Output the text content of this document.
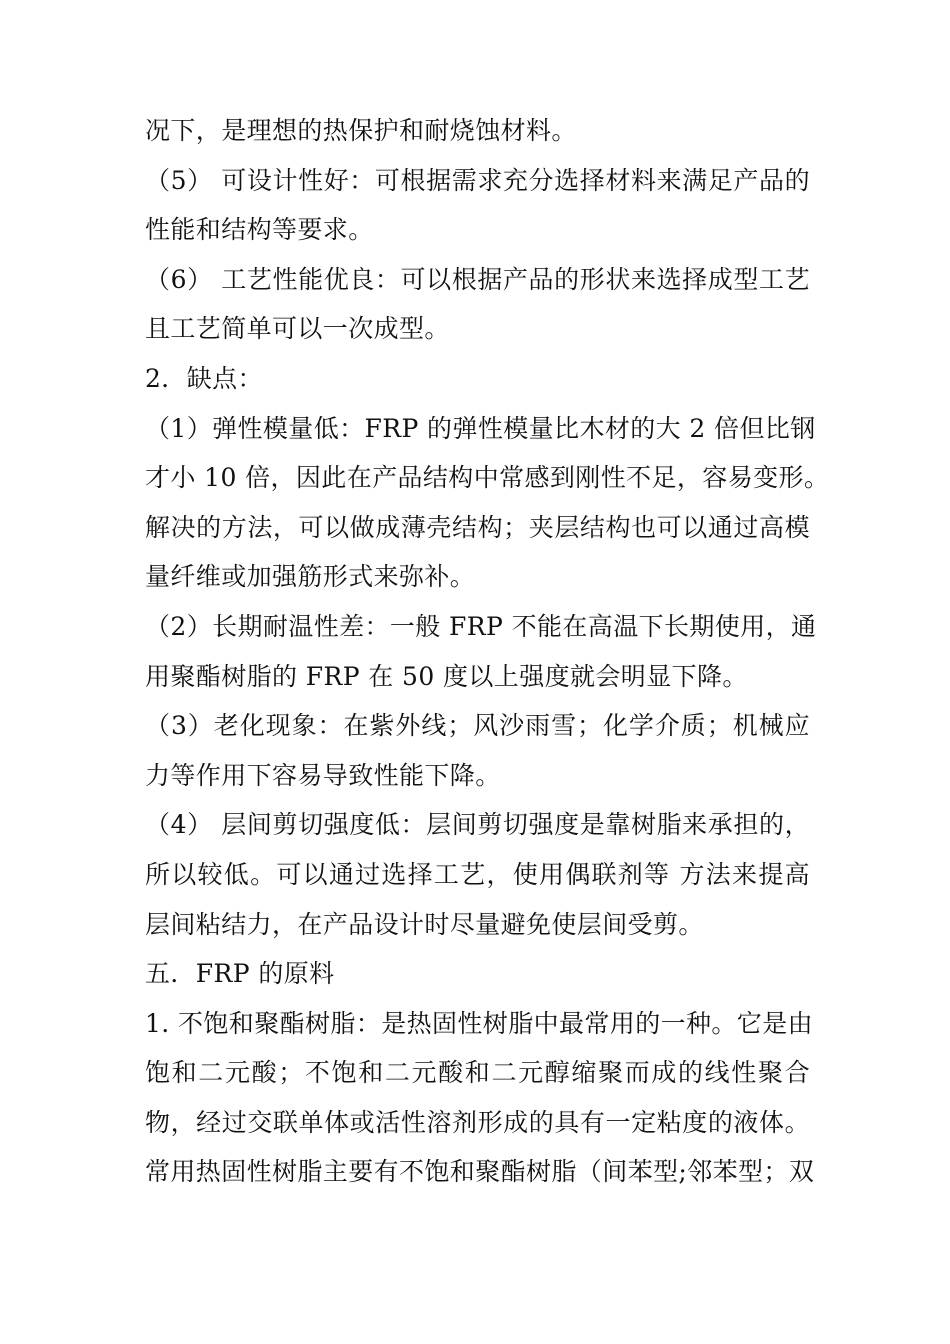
况下，是理想的热保护和耐烧蚀材料。
（5） 可设计性好：可根据需求充分选择材料来满足产品的
性能和结构等要求。
（6） 工艺性能优良：可以根据产品的形状来选择成型工艺
且工艺简单可以一次成型。
2．缺点：
（1）弹性模量低：FRP 的弹性模量比木材的大 2 倍但比钢
才小 10 倍，因此在产品结构中常感到刚性不足，容易变形。
解决的方法，可以做成薄壳结构；夹层结构也可以通过高模
量纤维或加强筋形式来弥补。
（2）长期耐温性差：一般 FRP 不能在高温下长期使用，通
用聚酯树脂的 FRP 在 50 度以上强度就会明显下降。
（3）老化现象：在紫外线；风沙雨雪；化学介质；机械应
力等作用下容易导致性能下降。
（4） 层间剪切强度低：层间剪切强度是靠树脂来承担的，
所以较低。可以通过选择工艺，使用偶联剂等 方法来提高
层间粘结力，在产品设计时尽量避免使层间受剪。
五．FRP 的原料
1. 不饱和聚酯树脂：是热固性树脂中最常用的一种。它是由
饱和二元酸；不饱和二元酸和二元醇缩聚而成的线性聚合
物，经过交联单体或活性溶剂形成的具有一定粘度的液体。
常用热固性树脂主要有不饱和聚酯树脂（间苯型;邻苯型；双
